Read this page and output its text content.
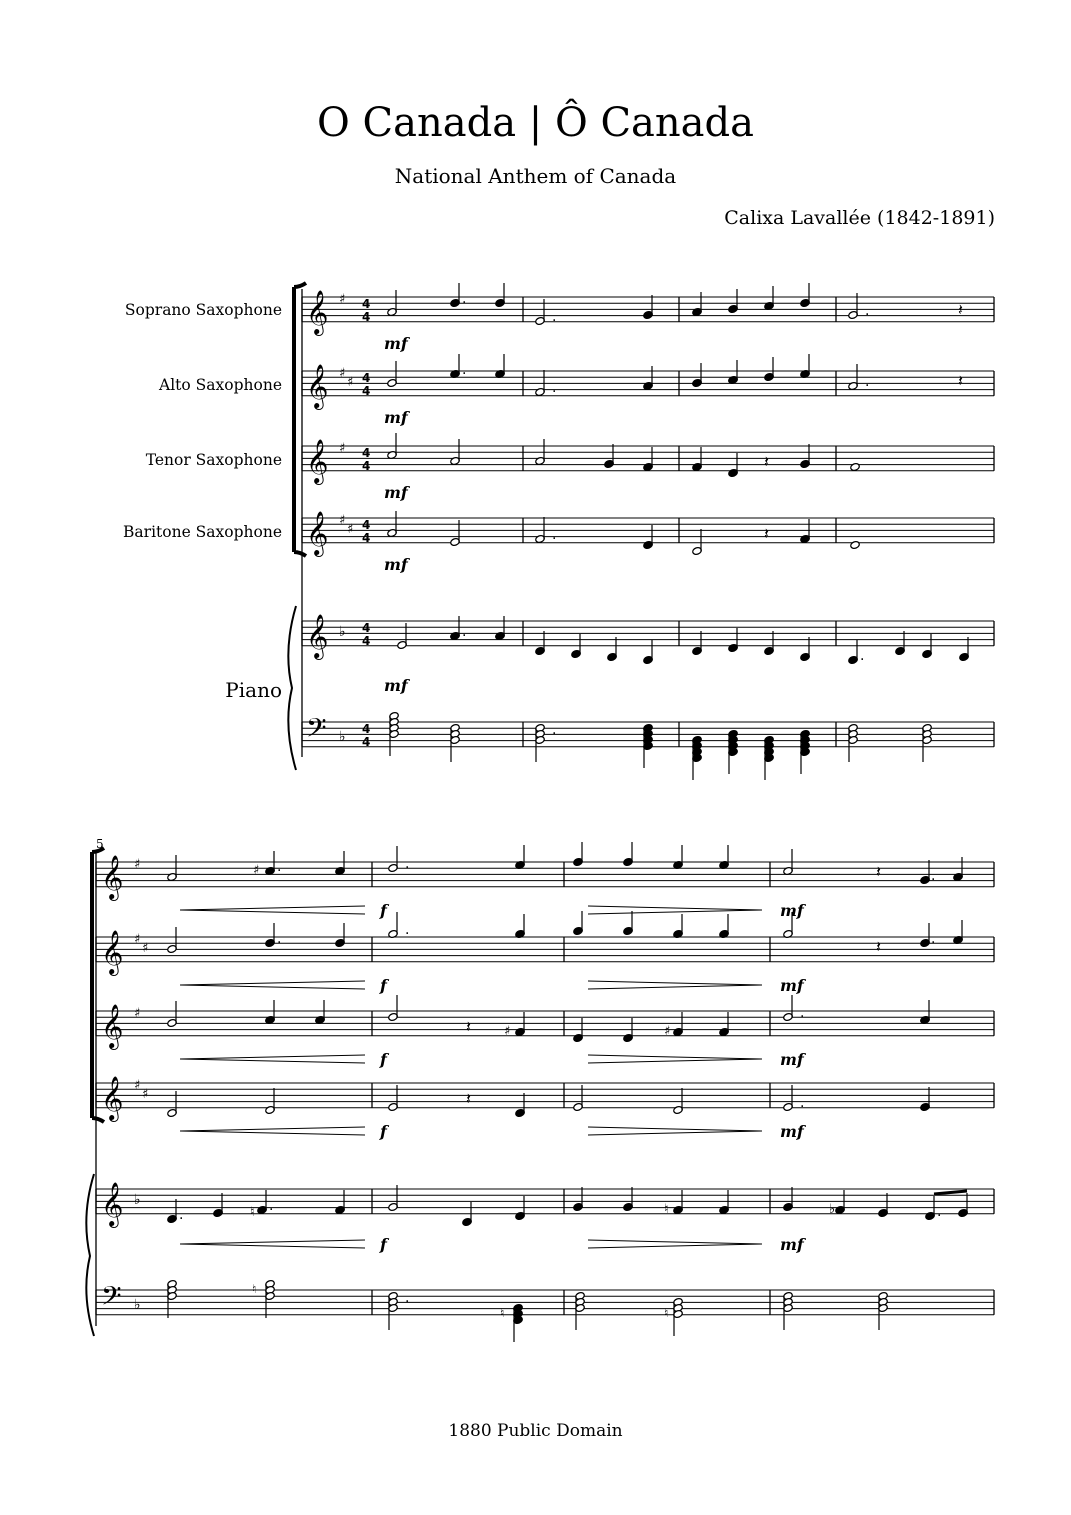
O Canada | Ô Canada
National Anthem of Canada
Calixa Lavallée (1842-1891)
Soprano Saxophone
Alto Saxophone
Tenor Saxophone
Baritone Saxophone
Piano
5
𝄞 ♯ 4
4
𝄞 ♯
♯ 4
4
𝄞 ♯ 4
4
𝄞 ♯
♯ 4
4
𝄞 ♭ 4
4
𝄢 ♭ 4
4
.
.	.	𝄽
.
.	.	𝄽
𝄽
.	𝄽
mf
mf
mf
mf
.
.
mf
.
𝄞 ♯
𝄞 ♯
♯
𝄞 ♯
𝄞 ♯
♯
𝄞 ♭
𝄢 ♭
f	mf
f	mf
f	mf
f	mf
f	mf
♯ .	.	𝄽	.
.
.
𝄽	.
𝄽	♯	♯
.
𝄽	.
.	♮ .	♮	♭	.
♮
.
♮	♮
1880 Public Domain
